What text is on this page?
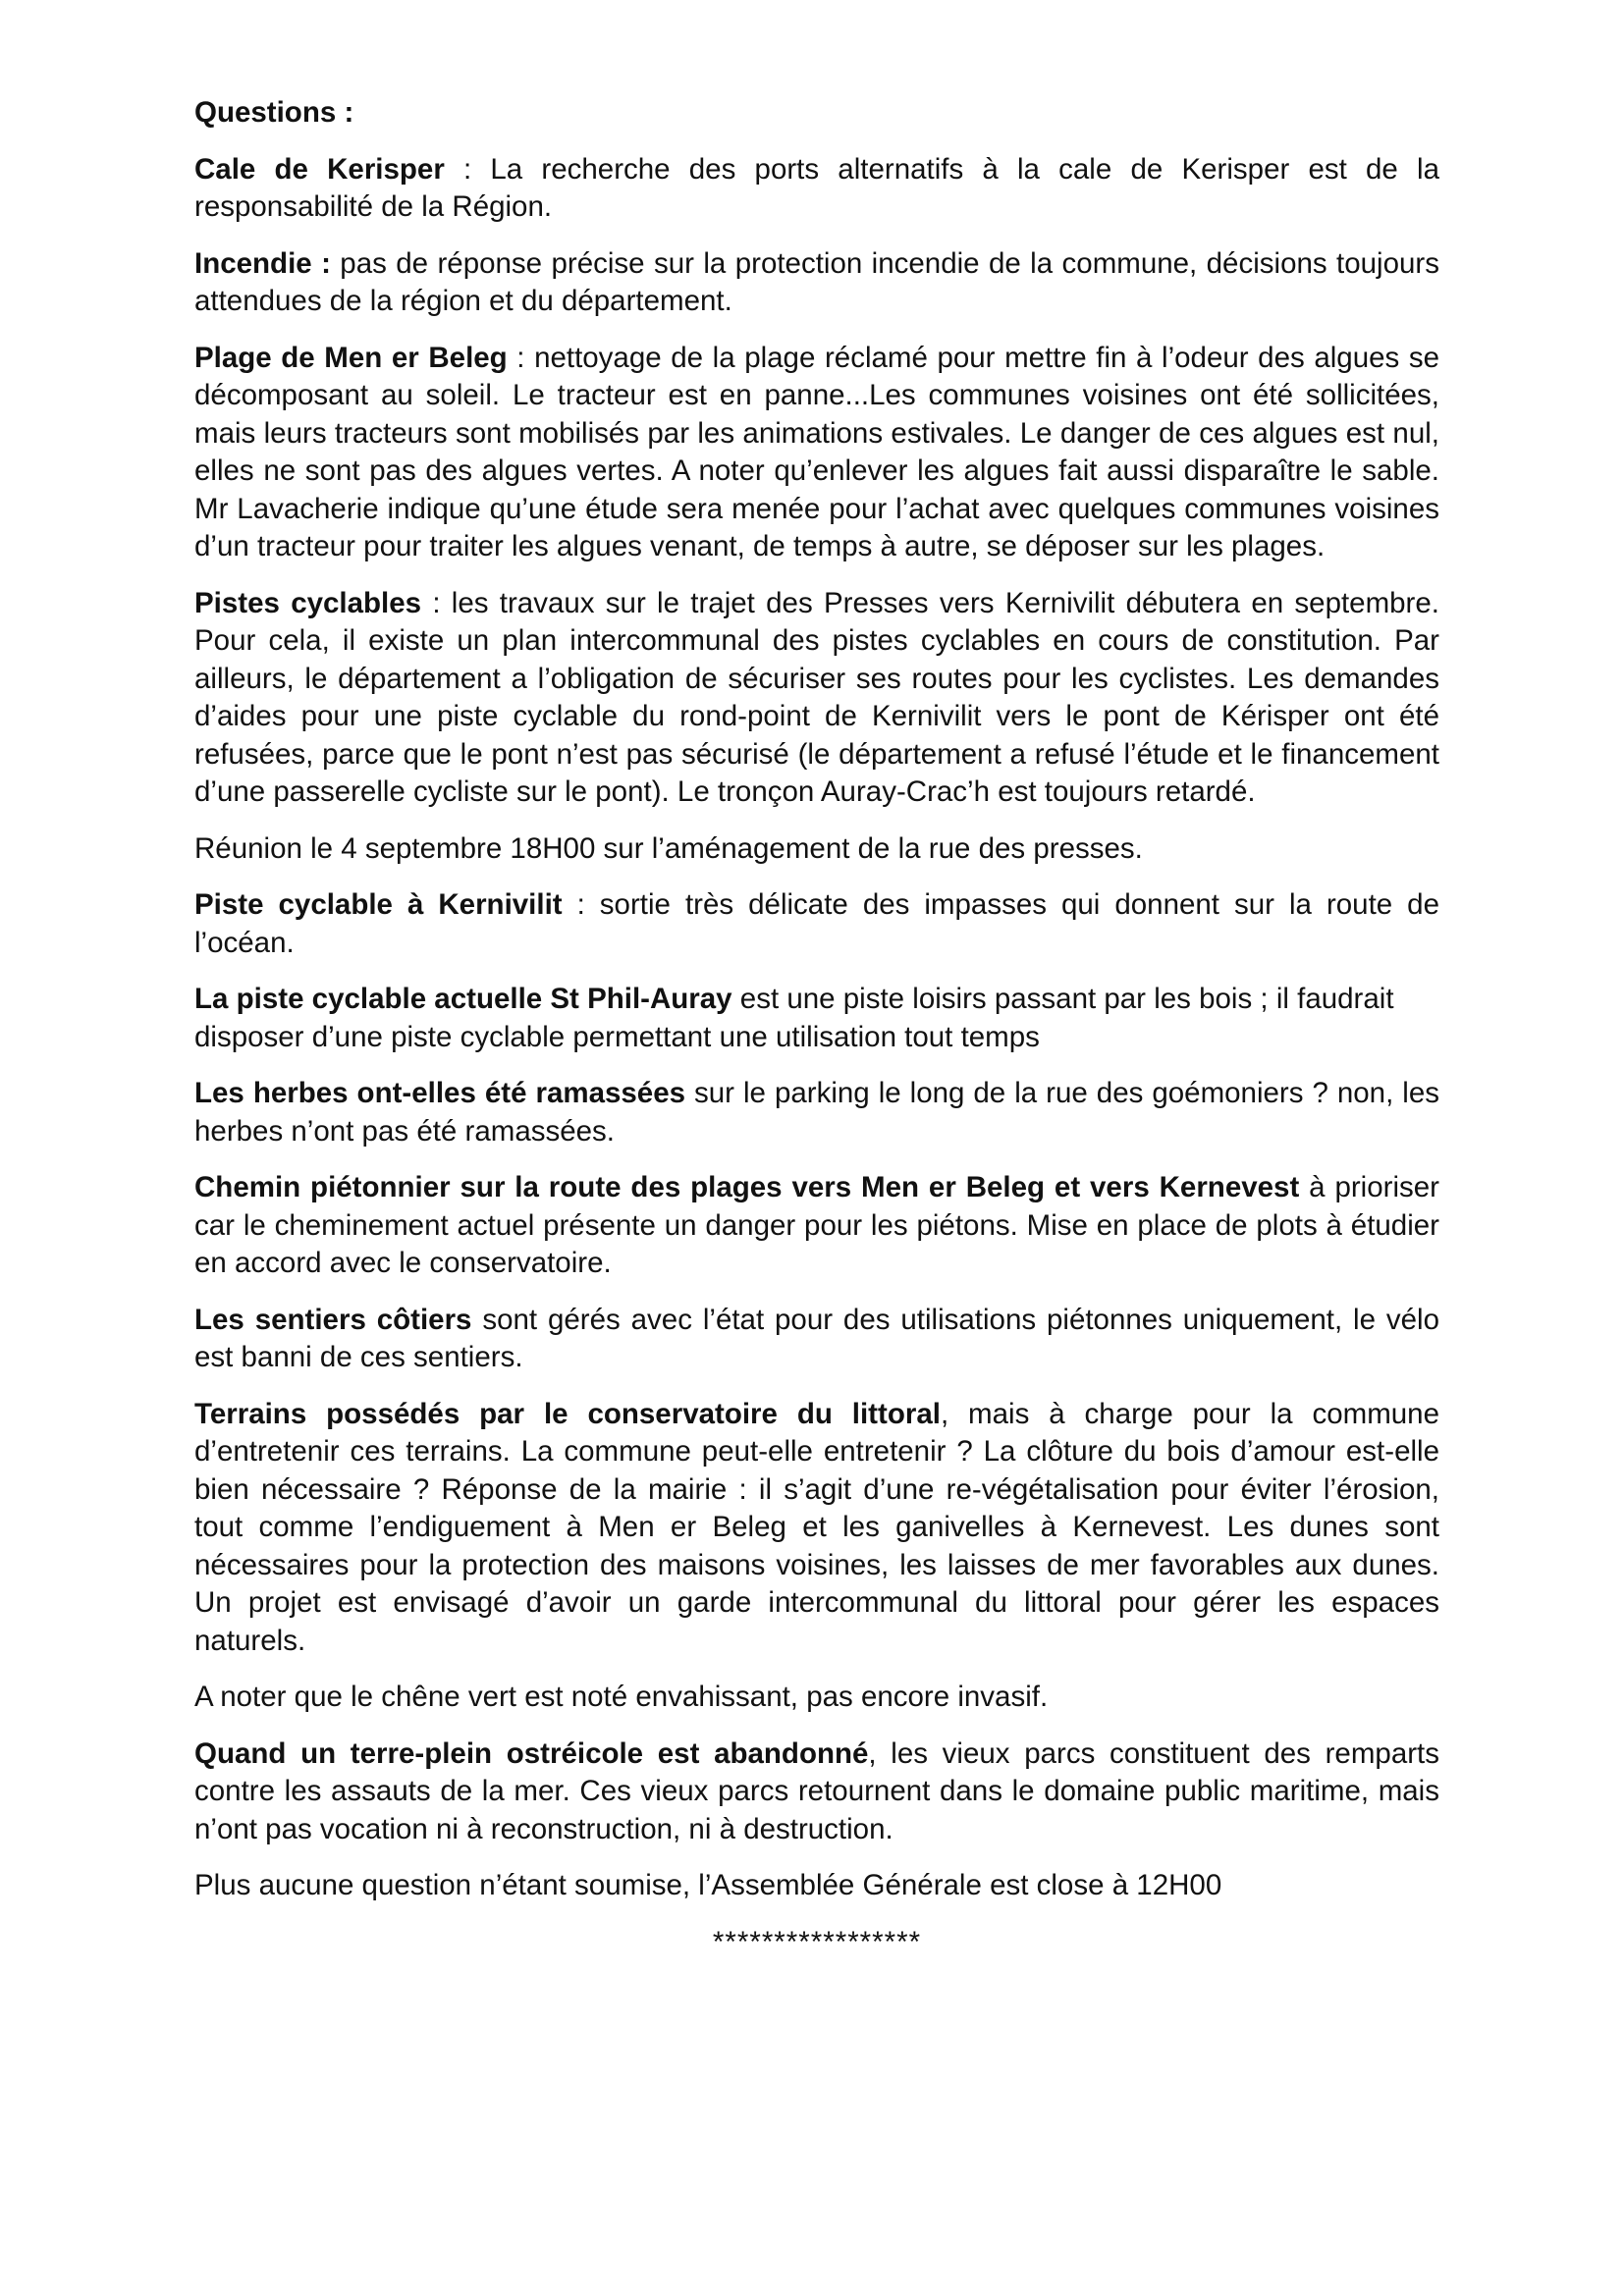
Questions :

Cale de Kerisper : La recherche des ports alternatifs à la cale de Kerisper est de la responsabilité de la Région.

Incendie : pas de réponse précise sur la protection incendie de la commune, décisions toujours attendues de la région et du département.

Plage de Men er Beleg : nettoyage de la plage réclamé pour mettre fin à l’odeur des algues se décomposant au soleil. Le tracteur est en panne...Les communes voisines ont été sollicitées, mais leurs tracteurs sont mobilisés par les animations estivales. Le danger de ces algues est nul, elles ne sont pas des algues vertes. A noter qu’enlever les algues fait aussi disparaître le sable. Mr Lavacherie indique qu’une étude sera menée pour l’achat avec quelques communes voisines d’un tracteur pour traiter les algues venant, de temps à autre, se déposer sur les plages.

Pistes cyclables : les travaux sur le trajet des Presses vers Kernivilit débutera en septembre. Pour cela, il existe un plan intercommunal des pistes cyclables en cours de constitution. Par ailleurs, le département a l’obligation de sécuriser ses routes pour les cyclistes. Les demandes d’aides pour une piste cyclable du rond-point de Kernivilit vers le pont de Kérisper ont été refusées, parce que le pont n’est pas sécurisé (le département a refusé l’étude et le financement d’une passerelle cycliste sur le pont). Le tronçon Auray-Crac’h est toujours retardé.

Réunion le 4 septembre 18H00 sur l’aménagement de la rue des presses.

Piste cyclable à Kernivilit : sortie très délicate des impasses qui donnent sur la route de l’océan.

La piste cyclable actuelle St Phil-Auray est une piste loisirs passant par les bois ; il faudrait disposer d’une piste cyclable permettant une utilisation tout temps

Les herbes ont-elles été ramassées sur le parking le long de la rue des goémoniers ? non, les herbes n’ont pas été ramassées.

Chemin piétonnier sur la route des plages vers Men er Beleg et vers Kernevest à prioriser car le cheminement actuel présente un danger pour les piétons. Mise en place de plots à étudier en accord avec le conservatoire.

Les sentiers côtiers sont gérés avec l’état pour des utilisations piétonnes uniquement, le vélo est banni de ces sentiers.

Terrains possédés par le conservatoire du littoral, mais à charge pour la commune d’entretenir ces terrains. La commune peut-elle entretenir ? La clôture du bois d’amour est-elle bien nécessaire ? Réponse de la mairie : il s’agit d’une re-végétalisation pour éviter l’érosion, tout comme l’endiguement à Men er Beleg et les ganivelles à Kernevest. Les dunes sont nécessaires pour la protection des maisons voisines, les laisses de mer favorables aux dunes. Un projet est envisagé d’avoir un garde intercommunal du littoral pour gérer les espaces naturels.

A noter que le chêne vert est noté envahissant, pas encore invasif.

Quand un terre-plein ostréicole est abandonné, les vieux parcs constituent des remparts contre les assauts de la mer. Ces vieux parcs retournent dans le domaine public maritime, mais n’ont pas vocation ni à reconstruction, ni à destruction.

Plus aucune question n’étant soumise, l’Assemblée Générale est close à 12H00

*****************
